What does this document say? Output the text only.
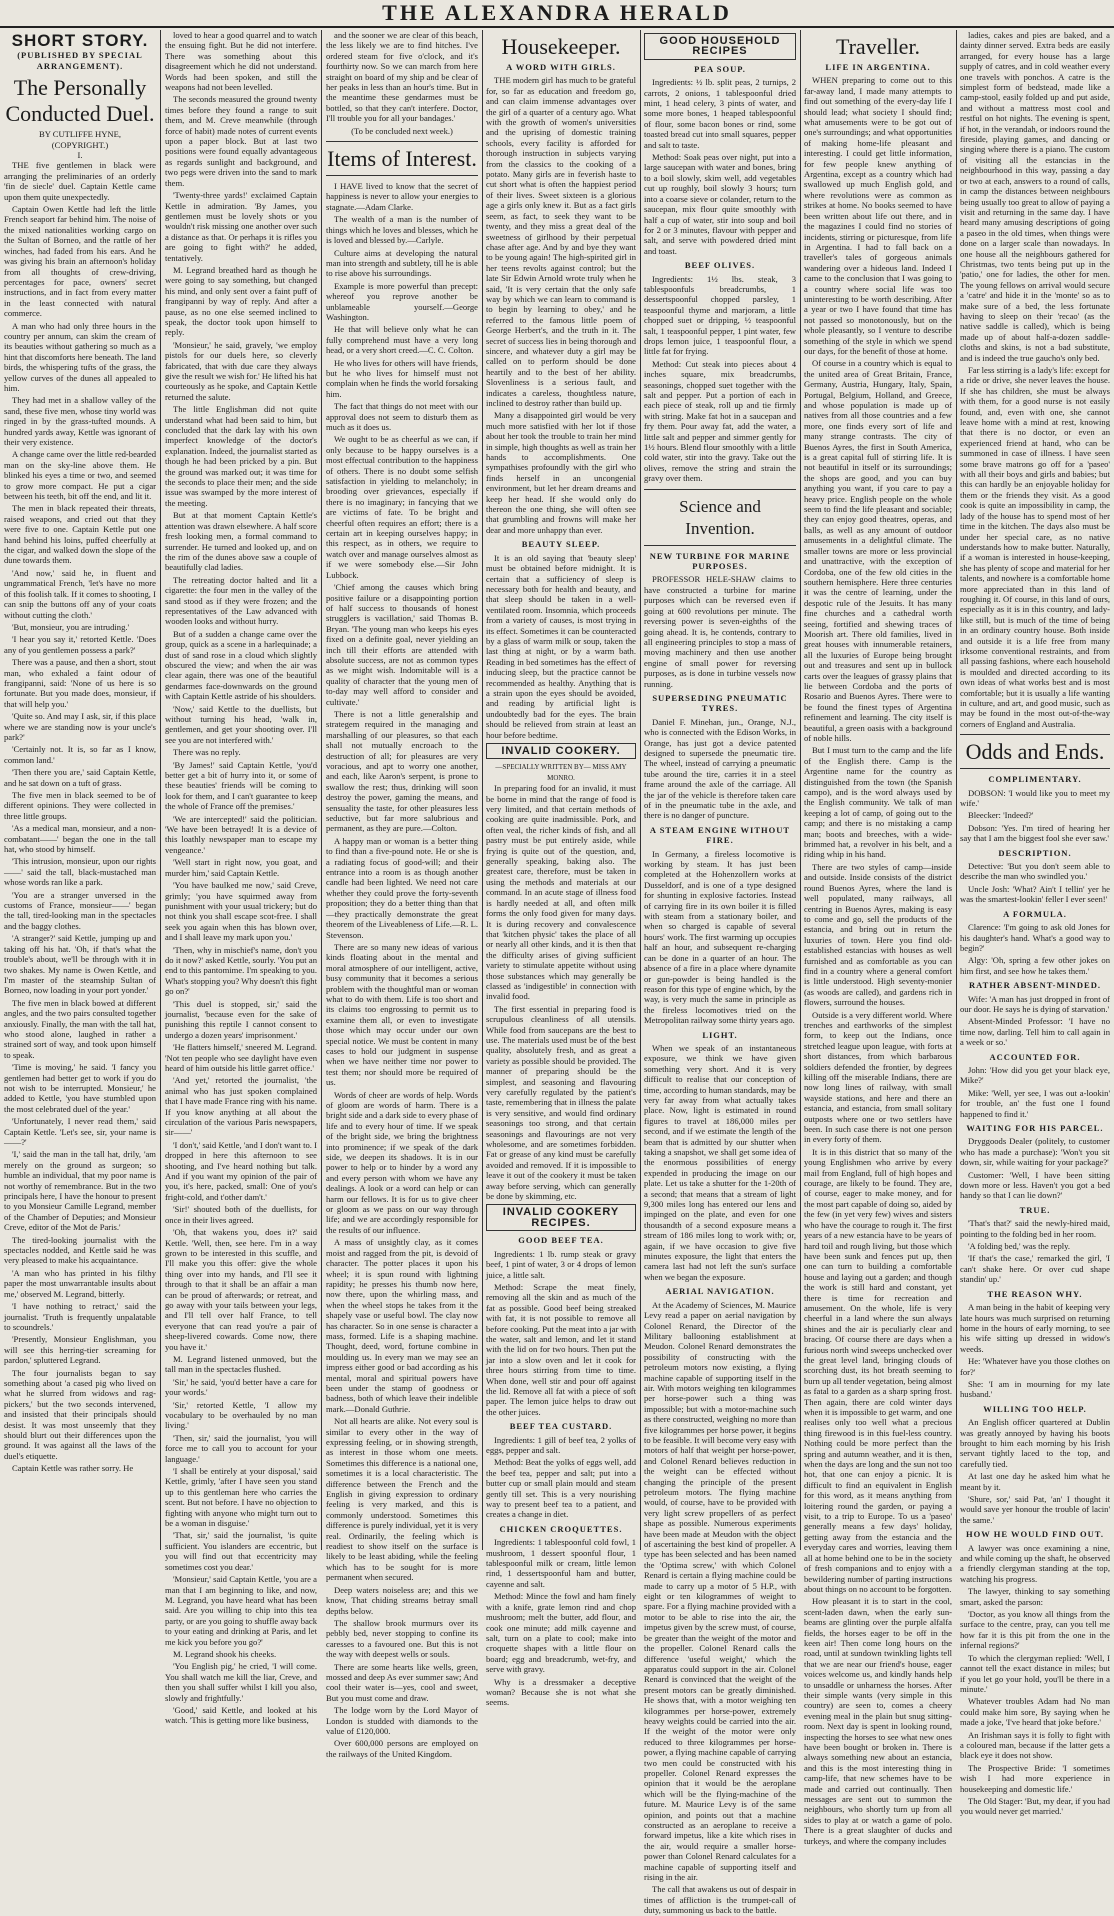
THE ALEXANDRA HERALD
SHORT STORY.
(PUBLISHED BY SPECIAL ARRANGEMENT).
The Personally Conducted Duel.
BY CUTLIFFE HYNE,
(COPYRIGHT.)
I.

THE five gentlemen in black were arranging the preliminaries of an orderly 'fin de siecle' duel. Captain Kettle came upon them quite unexpectedly.

Captain Owen Kettle had left the little French seaport far behind him. The noise of the mixed nationalities working cargo on the Sultan of Borneo, and the rattle of her winches, had faded from his ears. And he was giving his brain an afternoon's holiday from all thoughts of crew-driving, percentages for pace, owners' secret instructions, and in fact from every matter in the least connected with natural commerce.

A man who had only three hours in the country per annum, can skim the cream of its beauties without gathering so much as a hint that discomforts here beneath. The land birds, the whispering tufts of the grass, the yellow curves of the dunes all appealed to him.

They had met in a shallow valley of the sand, these five men, whose tiny world was ringed in by the grass-tufted mounds. A hundred yards away, Kettle was ignorant of their very existence.

A change came over the little red-bearded man on the sky-line above them. He blinked his eyes a time or two, and seemed to grow more compact. He put a cigar between his teeth, bit off the end, and lit it.

The men in black repeated their threats, raised weapons, and cried out that they were five to one. Captain Kettle put one hand behind his loins, puffed cheerfully at the cigar, and walked down the slope of the dune towards them.

'And now,' said he, in fluent and ungrammatical French, 'let's have no more of this foolish talk. If it comes to shooting, I can snip the buttons off any of your coats without cutting the cloth.'

'But, monsieur, you are intruding.'

'I hear you say it,' retorted Kettle. 'Does any of you gentlemen possess a park?'

There was a pause, and then a short, stout man, who exhaled a faint odour of frangipanni, said: 'None of us here is so fortunate. But you made does, monsieur, if that will help you.'

'Quite so. And may I ask, sir, if this place where we are standing now is your uncle's park?'

'Certainly not. It is, so far as I know, common land.'

'Then there you are,' said Captain Kettle, and he sat down on a tuft of grass.

The five men in black seemed to be of different opinions. They were collected in three little groups.

'As a medical man, monsieur, and a non-combatant——' began the one in the tall hat, who stood by himself.

'This intrusion, monsieur, upon our rights——' said the tall, black-mustached man whose words ran like a park.

'You are a stranger unversed in the customs of France, monsieur——' began the tall, tired-looking man in the spectacles and the baggy clothes.

'A stranger?' said Kettle, jumping up and taking off his hat. 'Oh, if that's what the trouble's about, we'll be through with it in two shakes. My name is Owen Kettle, and I'm master of the steamship Sultan of Borneo, now loading in your port yonder.'

The five men in black bowed at different angles, and the two pairs consulted together anxiously. Finally, the man with the tall hat, who stood alone, laughed in rather a strained sort of way, and took upon himself to speak.

'Time is moving,' he said. 'I fancy you gentlemen had better get to work if you do not wish to be interrupted. Monsieur,' he added to Kettle, 'you have stumbled upon the most celebrated duel of the year.'

'Unfortunately, I never read them,' said Captain Kettle. 'Let's see, sir, your name is ——?'

'I,' said the man in the tall hat, drily, 'am merely on the ground as surgeon; so humble an individual, that my poor name is not worthy of remembrance. But in the two principals here, I have the honour to present to you Monsieur Camille Legrand, member of the Chamber of Deputies; and Monsieur Creve, editor of the Mot de Paris.'

The tired-looking journalist with the spectacles nodded, and Kettle said he was very pleased to make his acquaintance.

'A man who has printed in his filthy paper the most unwarrantable insults about me,' observed M. Legrand, bitterly.

'I have nothing to retract,' said the journalist. 'Truth is frequently unpalatable to scoundrels.'

'Presently, Monsieur Englishman, you will see this herring-tier screaming for pardon,' spluttered Legrand.

The four journalists began to say something about 'a cased pig who lived on what he slurred from widows and rag-pickers,' but the two seconds intervened, and insisted that their principals should desist. It was most unseemly that they should blurt out their differences upon the ground. It was against all the laws of the duel's etiquette.

Captain Kettle was rather sorry. He

loved to hear a good quarrel and to watch the ensuing fight. But he did not interfere. There was something about this disagreement which he did not understand. Words had been spoken, and still the weapons had not been levelled.

The seconds measured the ground twenty times before they found a range to suit them, and M. Creve meanwhile (through force of habit) made notes of current events upon a paper block. But at last two positions were found equally advantageous as regards sunlight and background, and two pegs were driven into the sand to mark them.

'Twenty-three yards!' exclaimed Captain Kettle in admiration. 'By James, you gentlemen must be lovely shots or you wouldn't risk missing one another over such a distance as that. Or perhaps it is rifles you are going to fight with?' he added, tentatively.

M. Legrand breathed hard as though he were going to say something, but changed his mind, and only sent over a faint puff of frangipanni by way of reply. And after a pause, as no one else seemed inclined to speak, the doctor took upon himself to reply.

'Monsieur,' he said, gravely, 'we employ pistols for our duels here, so cleverly fabricated, that with due care they always give the result we wish for.' He lifted his hat courteously as he spoke, and Captain Kettle returned the salute.

The little Englishman did not quite understand what had been said to him, but concluded that the dark lay with his own imperfect knowledge of the doctor's explanation. Indeed, the journalist started as though he had been pricked by a pin. But the ground was marked out; it was time for the seconds to place their men; and the side issue was swamped by the more interest of the meeting.

But at that moment Captain Kettle's attention was drawn elsewhere. A half score fresh looking men, a formal command to surrender. He turned and looked up, and on the rim of the dunes above saw a couple of beautifully clad ladies.

The retreating doctor halted and lit a cigarette: the four men in the valley of the sand stood as if they were frozen; and the representatives of the Law advanced with wooden looks and without hurry.

But of a sudden a change came over the group, quick as a scene in a harlequinade; a dust of sand rose in a cloud which slightly obscured the view; and when the air was clear again, there was one of the beautiful gendarmes face-downwards on the ground with Captain Kettle astride of his shoulders.

'Now,' said Kettle to the duellists, but without turning his head, 'walk in, gentlemen, and get your shooting over. I'll see you are not interfered with.'

There was no reply.

'By James!' said Captain Kettle, 'you'd better get a bit of hurry into it, or some of these beauties' friends will be coming to look for them, and I can't guarantee to keep the whole of France off the premises.'

'We are intercepted!' said the politician. 'We have been betrayed! It is a device of this loathly newspaper man to escape my vengeance.'

'Well start in right now, you goat, and murder him,' said Captain Kettle.

'You have baulked me now,' said Creve, grimly; 'you have squirmed away from punishment with your usual trickery; but do not think you shall escape scot-free. I shall seek you again when this has blown over, and I shall leave my mark upon you.'

'Then, why in mischief's name, don't you do it now?' asked Kettle, sourly. 'You put an end to this pantomime. I'm speaking to you. What's stopping you? Why doesn't this fight go on?'

'This duel is stopped, sir,' said the journalist, 'because even for the sake of punishing this reptile I cannot consent to undergo a dozen years' imprisonment.'

'He flatters himself,' sneered M. Legrand. 'Not ten people who see daylight have even heard of him outside his little garret office.'

'And yet,' retorted the journalist, 'the animal who has just spoken complained that I have made France ring with his name. If you know anything at all about the circulation of the various Paris newspapers, sir——'

'I don't,' said Kettle, 'and I don't want to. I dropped in here this afternoon to see shooting, and I've heard nothing but talk. And if you want my opinion of the pair of you, it's here, packed, small: One of you's fright-cold, and t'other dam't.'

'Sir!' shouted both of the duellists, for once in their lives agreed.

'Oh, that wakens you, does it?' said Kettle. 'Well, then, see here. I'm in a way grown to be interested in this scuffle, and I'll make you this offer: give the whole thing over into my hands, and I'll see it through to that it shall be an affair a man can be proud of afterwards; or retreat, and go away with your tails between your legs, and I'll tell over half France, to tell everyone that can read you're a pair of sheep-livered cowards. Come now, there you have it.'

M. Legrand listened unmoved, but the tall man in the spectacles flushed.

'Sir,' he said, 'you'd better have a care for your words.'

'Sir,' retorted Kettle, 'I allow my vocabulary to be overhauled by no man living.'

'Then, sir,' said the journalist, 'you will force me to call you to account for your language.'

'I shall be entirely at your disposal,' said Kettle, grimly, 'after I have seen you stand up to this gentleman here who carries the scent. But not before. I have no objection to fighting with anyone who might turn out to be a woman in disguise.'

'That, sir,' said the journalist, 'is quite sufficient. You islanders are eccentric, but you will find out that eccentricity may sometimes cost you dear.'

'Monsieur,' said Captain Kettle, 'you are a man that I am beginning to like, and now, M. Legrand, you have heard what has been said. Are you willing to chip into this tea party, or are you going to shuffle away back to your eating and drinking at Paris, and let me kick you before you go?'

M. Legrand shook his cheeks.

'You English pig,' he cried, 'I will come. You shall watch me kill the liar, Creve, and then you shall suffer whilst I kill you also, slowly and frightfully.'

'Good,' said Kettle, and looked at his watch. 'This is getting more like business,

and the sooner we are clear of this beach, the less likely we are to find hitches. I've ordered steam for five o'clock, and it's fourthirty now. So we can march from here straight on board of my ship and be clear of her peaks in less than an hour's time. But in the meantime these gendarmes must be bottled, so that they can't interfere. Doctor, I'll trouble you for all your bandages.'

(To be concluded next week.)
Items of Interest.

I HAVE lived to know that the secret of happiness is never to allow your energies to stagnate.—Adam Clarke.

The wealth of a man is the number of things which he loves and blesses, which he is loved and blessed by.—Carlyle.

Culture aims at developing the natural man into strength and subtlety, till he is able to rise above his surroundings.

Example is more powerful than precept: whereof you reprove another be unblameable yourself.—George Washington.

He that will believe only what he can fully comprehend must have a very long head, or a very short creed.—C. C. Colton.

He who lives for others will have friends, but he who lives for himself must not complain when he finds the world forsaking him.

The fact that things do not meet with our approval does not seem to disturb them as much as it does us.

We ought to be as cheerful as we can, if only because to be happy ourselves is a most effectual contribution to the happiness of others. There is no doubt some selfish satisfaction in yielding to melancholy; in brooding over grievances, especially if there is no imaginary; in fancying that we are victims of fate. To be bright and cheerful often requires an effort; there is a certain art in keeping ourselves happy; in this respect, as in others, we require to watch over and manage ourselves almost as if we were somebody else.—Sir John Lubbock.

'Chief among the causes which bring positive failure or a disappointing portion of half success to thousands of honest strugglers is vacillation,' said Thomas B. Bryan. 'The young man who keeps his eyes fixed on a definite goal, never yielding an inch till their efforts are attended with absolute success, are not as common types as we might wish. Indomitable will is a quality of character that the young men of to-day may well afford to consider and cultivate.'

There is not a little generalship and strategem required in the managing and marshalling of our pleasures, so that each shall not mutually encroach to the destruction of all; for pleasures are very voracious, and apt to worry one another, and each, like Aaron's serpent, is prone to swallow the rest; thus, drinking will soon destroy the power, gaming the means, and sensuality the taste, for other pleasures less seductive, but far more salubrious and permanent, as they are pure.—Colton.

A happy man or woman is a better thing to find than a five-pound note. He or she is a radiating focus of good-will; and their entrance into a room is as though another candle had been lighted. We need not care whether they could prove the forty-seventh proposition; they do a better thing than that—they practically demonstrate the great theorem of the Liveableness of Life.—R. L. Stevenson.

There are so many new ideas of various kinds floating about in the mental and moral atmosphere of our intelligent, active, busy community that it becomes a serious problem with the thoughtful man or woman what to do with them. Life is too short and its claims too engrossing to permit us to examine them all, or even to investigate those which may occur under our own special notice. We must be content in many cases to hold our judgment in suspense when we have neither time nor power to test them; nor should more be required of us.

Words of cheer are words of help. Words of gloom are words of harm. There is a bright side and a dark side to every phase of life and to every hour of time. If we speak of the bright side, we bring the brightness into prominence; if we speak of the dark side, we deepen its shadows. It is in our power to help or to hinder by a word any and every person with whom we have any dealings. A look or a word can help or can harm our fellows. It is for us to give cheer or gloom as we pass on our way through life; and we are accordingly responsible for the results of our influence.

A mass of unsightly clay, as it comes moist and ragged from the pit, is devoid of character. The potter places it upon his wheel; it is spun round with lightning rapidity; he presses his thumb now here, now there, upon the whirling mass, and when the wheel stops he takes from it the shapely vase or useful bowl. The clay now has character. So in one sense is character a mass, formed. Life is a shaping machine. Thought, deed, word, fortune combine in moulding us. In every man we may see an impress either good or bad according as his mental, moral and spiritual powers have been under the stamp of goodness or badness, both of which leave their indelible mark.—Donald Guthrie.

Not all hearts are alike. Not every soul is similar to every other in the way of expressing feeling, or in showing strength, as interest in those whom one meets. Sometimes this difference is a national one, sometimes it is a local characteristic. The difference between the French and the English in giving expression to ordinary feeling is very marked, and this is commonly understood. Sometimes this difference is purely individual, yet it is very real. Ordinarily, the feeling which is readiest to show itself on the surface is likely to be least abiding, while the feeling which has to be sought for is more permanent when secured.

Deep waters noiseless are; and this we know, That chiding streams betray small depths below.

The shallow brook murmurs over its pebbly bed, never stopping to confine its caresses to a favoured one. But this is not the way with deepest wells or souls.

There are some hearts like wells, green, mossed and deep As ever summer saw; And cool their water is—yes, cool and sweet, But you must come and draw.

The lodge worn by the Lord Mayor of London is studded with diamonds to the value of £120,000.

Over 600,000 persons are employed on the railways of the United Kingdom.

Housekeeper.
A WORD WITH GIRLS.

THE modern girl has much to be grateful for, so far as education and freedom go, and can claim immense advantages over the girl of a quarter of a century ago. What with the growth of women's universities and the uprising of domestic training schools, every facility is afforded for thorough instruction in subjects varying from the classics to the cooking of a potato. Many girls are in feverish haste to cut short what is often the happiest period of their lives. Sweet sixteen is a glorious age a girls only knew it. But as a fact girls seem, as fact, to seek they want to be twenty, and they miss a great deal of the sweetness of girlhood by their perpetual chase after age. And by and bye they want to be young again! The high-spirited girl in her teens revolts against control; but the late Sir Edwin Arnold wrote truly when he said, 'It is very certain that the only safe way by which we can learn to command is to begin by learning to obey,' and he referred to the famous little poem of George Herbert's, and the truth in it. The secret of success lies in being thorough and sincere, and whatever duty a girl may be called on to perform should be done heartily and to the best of her ability. Slovenliness is a serious fault, and indicates a careless, thoughtless nature, inclined to destroy rather than build up.

Many a disappointed girl would be very much more satisfied with her lot if those about her took the trouble to train her mind in simple, high thoughts as well as train her hands to accomplishments. One sympathises profoundly with the girl who finds herself in an uncongenial environment, but let her dream dreams and keep her head. If she would only do thereon the one thing, she will often see that grumbling and frowns will make her dear and more unhappy than ever.

BEAUTY SLEEP.

It is an old saying that 'beauty sleep' must be obtained before midnight. It is certain that a sufficiency of sleep is necessary both for health and beauty, and that sleep should be taken in a well-ventilated room. Insomnia, which proceeds from a variety of causes, is most trying in its effect. Sometimes it can be counteracted by a glass of warm milk or soup, taken the last thing at night, or by a warm bath. Reading in bed sometimes has the effect of inducing sleep, but the practice cannot be recommended as healthy. Anything that is a strain upon the eyes should be avoided, and reading by artificial light is undoubtedly bad for the eyes. The brain should be relieved from strain at least an hour before bedtime.

INVALID COOKERY.
—SPECIALLY WRITTEN BY— MISS AMY MONRO.

In preparing food for an invalid, it must be borne in mind that the range of food is very limited, and that certain methods of cooking are quite inadmissible. Pork, and often veal, the richer kinds of fish, and all pastry must be put entirely aside, while frying is quite out of the question, and, generally speaking, baking also. The greatest care, therefore, must be taken in using the methods and materials at our command. In an acute stage of illness food is hardly needed at all, and often milk forms the only food given for many days. It is during recovery and convalescence that 'kitchen physic' takes the place of all or nearly all other kinds, and it is then that the difficulty arises of giving sufficient variety to stimulate appetite without using those substances which may generally be classed as 'indigestible' in connection with invalid food.

The first essential in preparing food is scrupulous cleanliness of all utensils. While food from saucepans are the best to use. The materials used must be of the best quality, absolutely fresh, and as great a variety as possible should be provided. The manner of preparing should be the simplest, and seasoning and flavouring very carefully regulated by the patient's taste, remembering that in illness the palate is very sensitive, and would find ordinary seasonings too strong, and that certain seasonings and flavourings are not very wholesome, and are sometimes forbidden. Fat or grease of any kind must be carefully avoided and removed. If it is impossible to leave it out of the cookery it must be taken away before serving, which can generally be done by skimming, etc.

INVALID COOKERY RECIPES.
GOOD BEEF TEA.

Ingredients: 1 lb. rump steak or gravy beef, 1 pint of water, 3 or 4 drops of lemon juice, a little salt.

Method: Scrape the meat finely, removing all the skin and as much of the fat as possible. Good beef being streaked with fat, it is not possible to remove all before cooking. Put the meat into a jar with the water, salt and lemon, and let it stand with the lid on for two hours. Then put the jar into a slow oven and let it cook for three hours stirring from time to time. When done, well stir and pour off against the lid. Remove all fat with a piece of soft paper. The lemon juice helps to draw out the other juices.

BEEF TEA CUSTARD.

Ingredients: 1 gill of beef tea, 2 yolks of eggs, pepper and salt.

Method: Beat the yolks of eggs well, add the beef tea, pepper and salt; put into a butter cup or small plain mould and steam gently till set. This is a very nourishing way to present beef tea to a patient, and creates a change in diet.

CHICKEN CROQUETTES.

Ingredients: 1 tablespoonful cold fowl, 1 mushroom, 1 dessert spoonful flour, 1 tablespoonful milk or cream, little lemon rind, 1 dessertspoonful ham and butter, cayenne and salt.

Method: Mince the fowl and ham finely with a knife, grate lemon rind and chop mushroom; melt the butter, add flour, and cook one minute; add milk cayenne and salt, turn on a plate to cool; make into croquette shapes with a little flour on board; egg and breadcrumb, wet-fry, and serve with gravy.

Why is a dressmaker a deceptive woman? Because she is not what she seems.

GOOD HOUSEHOLD RECIPES
PEA SOUP.

Ingredients: ½ lb. split peas, 2 turnips, 2 carrots, 2 onions, 1 tablespoonful dried mint, 1 head celery, 3 pints of water, and some more bones, 1 heaped tablespoonful of flour, some bacon bones or rind, some toasted bread cut into small squares, pepper and salt to taste.

Method: Soak peas over night, put into a large saucepan with water and bones, bring to a boil slowly, skim well, add vegetables cut up roughly, boil slowly 3 hours; turn into a coarse sieve or colander, return to the saucepan, mix flour quite smoothly with half a cup of water, stir into soup and boil for 2 or 3 minutes, flavour with pepper and salt, and serve with powdered dried mint and toast.

BEEF OLIVES.

Ingredients: 1½ lbs. steak, 3 tablespoonfuls breadcrumbs, 1 dessertspoonful chopped parsley, 1 teaspoonful thyme and marjoram, a little chopped suet or dripping, ½ teaspoonful salt, 1 teaspoonful pepper, 1 pint water, few drops lemon juice, 1 teaspoonful flour, a little fat for frying.

Method: Cut steak into pieces about 4 inches square, mix breadcrumbs, seasonings, chopped suet together with the salt and pepper. Put a portion of each in each piece of steak, roll up and tie firmly with string. Make fat hot in a saucepan and fry them. Pour away fat, add the water, a little salt and pepper and simmer gently for 1½ hours. Blend flour smoothly with a little cold water, stir into the gravy. Take out the olives, remove the string and strain the gravy over them.

Science and Invention.
NEW TURBINE FOR MARINE PURPOSES.

PROFESSOR HELE-SHAW claims to have constructed a turbine for marine purposes which can be reversed even if going at 600 revolutions per minute. The reversing power is seven-eighths of the going ahead. It is, he contends, contrary to all engineering principles to stop a mass of moving machinery and then use another engine of small power for reversing purposes, as is done in turbine vessels now running.

SUPERSEDING PNEUMATIC TYRES.

Daniel F. Minehan, jun., Orange, N.J., who is connected with the Edison Works, in Orange, has just got a device patented designed to supersede the pneumatic tire. The wheel, instead of carrying a pneumatic tube around the tire, carries it in a steel frame around the axle of the carriage. All the jar of the vehicle is therefore taken care of in the pneumatic tube in the axle, and there is no danger of puncture.

A STEAM ENGINE WITHOUT FIRE.

In Germany, a fireless locomotive is working by steam. It has just been completed at the Hohenzollern works at Dusseldorf, and is one of a type designed for shunting in explosive factories. Instead of carrying fire in its own boiler it is filled with steam from a stationary boiler, and when so charged is capable of several hours' work. The first warming up occupies half an hour, and subsequent re-charging can be done in a quarter of an hour. The absence of a fire in a place where dynamite or gun-powder is being handled is the reason for this type of engine which, by the way, is very much the same in principle as the fireless locomotives tried on the Metropolitan railway some thirty years ago.

LIGHT.

When we speak of an instantaneous exposure, we think we have given something very short. And it is very difficult to realise that our conception of time, according to human standards, may be very far away from what actually takes place. Now, light is estimated in round figures to travel at 186,000 miles per second, and if we estimate the length of the beam that is admitted by our shutter when taking a snapshot, we shall get some idea of the enormous possibilities of energy expended in producing the image on our plate. Let us take a shutter for the 1-20th of a second; that means that a stream of light 9,300 miles long has entered our lens and impinged on the plate, and even for one thousandth of a second exposure means a stream of 186 miles long to work with; or, again, if we have occasion to give five minutes exposure, the light that enters the camera last had not left the sun's surface when we began the exposure.

AERIAL NAVIGATION.

At the Academy of Sciences, M. Maurice Levy read a paper on aerial navigation by Colonel Renard, the Director of the Military ballooning establishment at Meudon. Colonel Renard demonstrates the possibility of constructing with the petroleum motors now existing, a flying machine capable of supporting itself in the air. With motors weighing ten kilogrammes per horse-power such a thing was impossible; but with a motor-machine such as there constructed, weighing no more than five kilogrammes per horse power, it begins to be feasible. It will become very easy with motors of half that weight per horse-power, and Colonel Renard believes reduction in the weight can be effected without changing the principle of the present petroleum motors. The flying machine would, of course, have to be provided with very light screw propellers of as perfect shape as possible. Numerous experiments have been made at Meudon with the object of ascertaining the best kind of propeller. A type has been selected and has been named the 'Optima screw,' with which Colonel Renard is certain a flying machine could be made to carry up a motor of 5 H.P., with eight or ten kilogrammes of weight to spare. For a flying machine provided with a motor to be able to rise into the air, the impetus given by the screw must, of course, be greater than the weight of the motor and the propeller. Colonel Renard calls the difference 'useful weight,' which the apparatus could support in the air. Colonel Renard is convinced that the weight of the present motors can be greatly diminished. He shows that, with a motor weighing ten kilogrammes per horse-power, extremely heavy weights could be carried into the air. If the weight of the motor were only reduced to three kilogrammes per horse-power, a flying machine capable of carrying two men could be constructed with his propeller. Colonel Renard expresses the opinion that it would be the aeroplane which will be the flying-machine of the future. M. Maurice Levy is of the same opinion, and points out that a machine constructed as an aeroplane to receive a forward impetus, like a kite which rises in the air, would require a smaller horse-power than Colonel Renard calculates for a machine capable of supporting itself and rising in the air.

The call that awakens us out of despair in times of affliction is the trumpet-call of duty, summoning us back to the battle.

Traveller.
LIFE IN ARGENTINA.

WHEN preparing to come out to this far-away land, I made many attempts to find out something of the every-day life I should lead; what society I should find; what amusements were to be got out of one's surroundings; and what opportunities of making home-life pleasant and interesting. I could get little information, for few people knew anything of Argentina, except as a country which had swallowed up much English gold, and where revolutions were as common as strikes at home. No books seemed to have been written about life out there, and in the magazines I could find no stories of incidents, stirring or picturesque, from life in Argentina. I had to fall back on a traveller's tales of gorgeous animals wandering over a hideous land. Indeed I came to the conclusion that I was going to a country where social life was too uninteresting to be worth describing. After a year or two I have found that time has not passed so monotonously, but on the whole pleasantly, so I venture to describe something of the style in which we spend our days, for the benefit of those at home.

Of course in a country which is equal to the united area of Great Britain, France, Germany, Austria, Hungary, Italy, Spain, Portugal, Belgium, Holland, and Greece, and whose population is made up of natives from all those countries and a few more, one finds every sort of life and many strange contrasts. The city of Buenos Ayres, the first in South America, is a great capital full of stirring life. It is not beautiful in itself or its surroundings; the shops are good, and you can buy anything you want, if you care to pay a heavy price. English people on the whole seem to find the life pleasant and sociable; they can enjoy good theatres, operas, and balls, as well as any amount of outdoor amusements in a delightful climate. The smaller towns are more or less provincial and unattractive, with the exception of Cordoba, one of the few old cities in the southern hemisphere. Here three centuries it was the centre of learning, under the despotic rule of the Jesuits. It has many fine churches and a cathedral worth seeing, fortified and shewing traces of Moorish art. There old families, lived in great houses with innumerable retainers, all the luxuries of Europe being brought out and treasures and sent up in bullock carts over the leagues of grassy plains that lie between Cordoba and the ports of Rosario and Buenos Ayres. There were to be found the finest types of Argentina refinement and learning. The city itself is beautiful, a green oasis with a background of noble hills.

But I must turn to the camp and the life of the English there. Camp is the Argentine name for the country as distinguished from the town (the Spanish campo), and is the word always used by the English community. We talk of man keeping a lot of camp, of going out to the camp; and there is no mistaking a camp man; boots and breeches, with a wide-brimmed hat, a revolver in his belt, and a riding whip in his hand.

There are two styles of camp—inside and outside. Inside consists of the district round Buenos Ayres, where the land is well populated, many railways, all centring in Buenos Ayres, making is easy to come and go, sell the products of the estancia, and bring out in return the luxuries of town. Here you find old-established estancias with houses as well furnished and as comfortable as you can find in a country where a general comfort is little understood. High seventy-monier (as woods are called), and gardens rich in flowers, surround the houses.

Outside is a very different world. Where trenches and earthworks of the simplest form, to keep out the Indians, once stretched league upon league, with forts at short distances, from which barbarous soldiers defended the frontier, by degrees killing off the miserable Indians, there are now long lines of railway, with small wayside stations, and here and there an estancia, and estancia, from small solitary outposts where one or two settlers have been. In such case there is not one person in every forty of them.

It is in this district that so many of the young Englishmen who arrive by every mail from England, full of high hopes and courage, are likely to be found. They are, of course, eager to make money, and for the most part capable of doing so, aided by the few (in yet very few) wives and sisters who have the courage to rough it. The first years of a new estancia have to be years of hard toil and rough living, but those which have been sunk and fences put up, then one can turn to building a comfortable house and laying out a garden; and though the work is still hard and constant, yet there is time for recreation and amusement. On the whole, life is very cheerful in a land where the sun always shines and the air is peculiarly clear and bracing. Of course there are days when a furious north wind sweeps unchecked over the great level land, bringing clouds of scorching dust, its hot breath seeming to burn up all tender vegetation, being almost as fatal to a garden as a sharp spring frost. Then again, there are cold winter days when it is impossible to get warm, and one realises only too well what a precious thing firewood is in this fuel-less country. Nothing could be more perfect than the spring and autumn weather, and it is then, when the days are long and the sun not too hot, that one can enjoy a picnic. It is difficult to find an equivalent in English for this word, as it means anything from loitering round the garden, or paying a visit, to a trip to Europe. To us a 'paseo' generally means a few days' holiday, getting away from the estancia and the everyday cares and worries, leaving them all at home behind one to be in the society of fresh companions and to enjoy with a bewildering number of parting instructions about things on no account to be forgotten.

How pleasant it is to start in the cool, scent-laden dawn, when the early sun-beams are glinting over the purple alfalfa fields, the horses eager to be off in the keen air! Then come long hours on the road, until at sundown twinkling lights tell that we are near our friend's house, eager voices welcome us, and kindly hands help to unsaddle or unharness the horses. After their simple wants (very simple in this country) are seen to, comes a cheery evening meal in the plain but snug sitting-room. Next day is spent in looking round, inspecting the horses to see what new ones have been bought or broken in. There is always something new about an estancia, and this is the most interesting thing in camp-life, that new schemes have to be made and carried out continually. Then messages are sent out to summon the neighbours, who shortly turn up from all sides to play at or watch a game of polo. There is a great slaughter of ducks and turkeys, and where the company includes

ladies, cakes and pies are baked, and a dainty dinner served. Extra beds are easily arranged, for every house has a large supply of catres, and in cold weather every one travels with ponchos. A catre is the simplest form of bedstead, made like a camp-stool, easily folded up and put aside, and without a mattress most cool and restful on hot nights. The evening is spent, if hot, in the verandah, or indoors round the fireside, playing games, and dancing or singing where there is a piano. The custom of visiting all the estancias in the neighbourhood in this way, passing a day or two at each, answers to a round of calls, in camp the distances between neighbours being usually too great to allow of paying a visit and returning in the same day. I have heard many amusing descriptions of going a paseo in the old times, when things were done on a larger scale than nowadays. In one house all the neighbours gathered for Christmas, two tents being put up in the 'patio,' one for ladies, the other for men. The young fellows on arrival would secure a 'catre' and hide it in the 'monte' so as to make sure of a bed, the less fortunate having to sleep on their 'recao' (as the native saddle is called), which is being made up of about half-a-dozen saddle-cloths and skins, is not a bad substitute, and is indeed the true gaucho's only bed.

Far less stirring is a lady's life: except for a ride or drive, she never leaves the house. If she has children, she must be always with them, for a good nurse is not easily found, and, even with one, she cannot leave home with a mind at rest, knowing that there is no doctor, or even an experienced friend at hand, who can be summoned in case of illness. I have seen some brave matrons go off for a 'paseo' with all their boys and girls and babies; but this can hardly be an enjoyable holiday for them or the friends they visit. As a good cook is quite an impossibility in camp, the lady of the house has to spend most of her time in the kitchen. The days also must be under her special care, as no native understands how to make butter. Naturally, if a woman is interested in house-keeping, she has plenty of scope and material for her talents, and nowhere is a comfortable home more appreciated than in this land of roughing it. Of course, in this land of ours, especially as it is in this country, and lady-like still, but is much of the time of being in an ordinary country house. Both inside and outside it is a life free from many irksome conventional restraints, and from all passing fashions, where each household is moulded and directed according to its own ideas of what works best and is most comfortable; but it is usually a life wanting in culture, and art, and good music, such as may be found in the most out-of-the-way corners of England and Australia.

Odds and Ends.
COMPLIMENTARY.

DOBSON: 'I would like you to meet my wife.'

Bleecker: 'Indeed?'

Dobson: 'Yes. I'm tired of hearing her say that I am the biggest fool she ever saw.'

DESCRIPTION.

Detective: 'But you don't seem able to describe the man who swindled you.'

Uncle Josh: 'What? Ain't I tellin' yer he was the smartest-lookin' feller I ever seen!'

A FORMULA.

Clarence: 'I'm going to ask old Jones for his daughter's hand. What's a good way to begin?'

Algy: 'Oh, spring a few other jokes on him first, and see how he takes them.'

RATHER ABSENT-MINDED.

Wife: 'A man has just dropped in front of our door. He says he is dying of starvation.'

Absent-Minded Professor: 'I have no time now, darling. Tell him to call again in a week or so.'

ACCOUNTED FOR.

John: 'How did you get your black eye, Mike?'

Mike: 'Well, yer see, I was out a-lookin' for trouble, an' the fust one I found happened to find it.'

WAITING FOR HIS PARCEL.

Dryggoods Dealer (politely, to customer who has made a purchase): 'Won't you sit down, sir, while waiting for your package?'

Customer: 'Well, I have been sitting down more or less. Haven't you got a bed handy so that I can lie down?'

TRUE.

'That's that?' said the newly-hired maid, pointing to the folding bed in her room.

'A folding bed,' was the reply.

'If that's the case,' remarked the girl, 'I can't shake here. Or over cud shape standin' up.'

THE REASON WHY.

A man being in the habit of keeping very late hours was much surprised on returning home in the hours of early morning, to see his wife sitting up dressed in widow's weeds.

He: 'Whatever have you those clothes on for?'

She: 'I am in mourning for my late husband.'

WILLING TOO HELP.

An English officer quartered at Dublin was greatly annoyed by having his boots brought to him each morning by his Irish servant tightly laced to the top, and carefully tied.

At last one day he asked him what he meant by it.

'Shure, sor,' said Pat, 'an' I thought it would save yer honour the trouble of lacin' the same.'

HOW HE WOULD FIND OUT.

A lawyer was once examining a nine, and while coming up the shaft, he observed a friendly clergyman standing at the top, watching his progress.

The lawyer, thinking to say something smart, asked the parson:

'Doctor, as you know all things from the surface to the centre, pray, can you tell me how far it is this pit from the one in the infernal regions?'

To which the clergyman replied: 'Well, I cannot tell the exact distance in miles; but if you let go your hold, you'll be there in a minute.'

Whatever troubles Adam had No man could make him sore, By saying when he made a joke, 'I've heard that joke before.'

An Irishman says it is folly to fight with a coloured man, because if the latter gets a black eye it does not show.

The Prospective Bride: 'I sometimes wish I had more experience in housekeeping and domestic life.'

The Old Stager: 'But, my dear, if you had you would never get married.'
